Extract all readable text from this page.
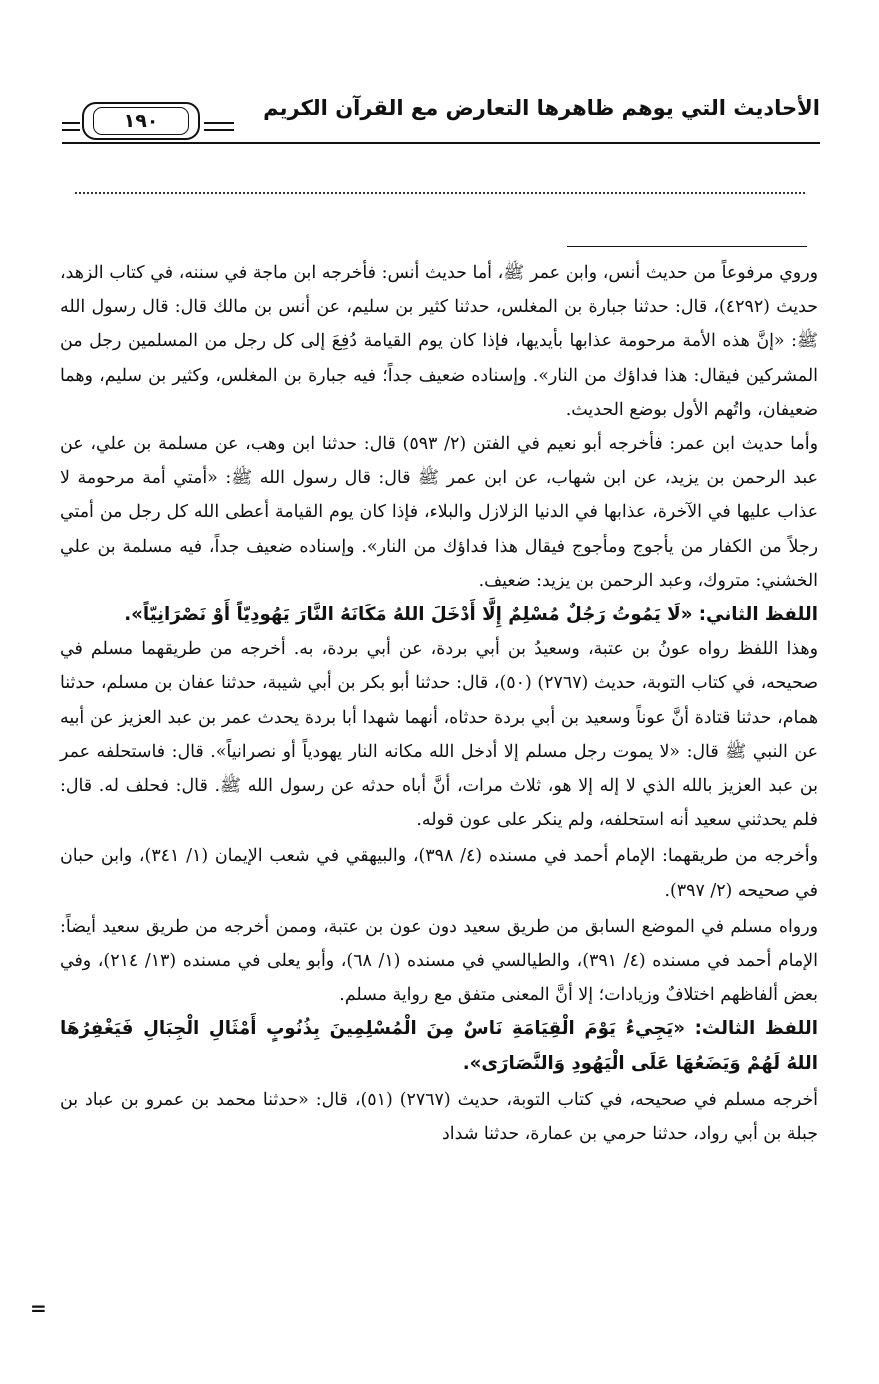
الأحاديث التي يوهم ظاهرها التعارض مع القرآن الكريم
١٩٠

وروي مرفوعاً من حديث أنس، وابن عمر ﷺ، أما حديث أنس: فأخرجه ابن ماجة في سننه، في كتاب الزهد، حديث (٤٢٩٢)، قال: حدثنا جبارة بن المغلس، حدثنا كثير بن سليم، عن أنس بن مالك قال: قال رسول الله ﷺ: «إنَّ هذه الأمة مرحومة عذابها بأيديها، فإذا كان يوم القيامة دُفِعَ إلى كل رجل من المسلمين رجل من المشركين فيقال: هذا فداؤك من النار». وإسناده ضعيف جداً؛ فيه جبارة بن المغلس، وكثير بن سليم، وهما ضعيفان، واتُهم الأول بوضع الحديث.

وأما حديث ابن عمر: فأخرجه أبو نعيم في الفتن (٢/ ٥٩٣) قال: حدثنا ابن وهب، عن مسلمة بن علي، عن عبد الرحمن بن يزيد، عن ابن شهاب، عن ابن عمر ﷺ قال: قال رسول الله ﷺ: «أمتي أمة مرحومة لا عذاب عليها في الآخرة، عذابها في الدنيا الزلازل والبلاء، فإذا كان يوم القيامة أعطى الله كل رجل من أمتي رجلاً من الكفار من يأجوج ومأجوج فيقال هذا فداؤك من النار». وإسناده ضعيف جداً، فيه مسلمة بن علي الخشني: متروك، وعبد الرحمن بن يزيد: ضعيف.

اللفظ الثاني: «لَا يَمُوتُ رَجُلٌ مُسْلِمٌ إِلَّا أَدْخَلَ اللهُ مَكَانَهُ النَّارَ يَهُودِيّاً أَوْ نَصْرَانِيّاً».

وهذا اللفظ رواه عونُ بن عتبة، وسعيدُ بن أبي بردة، عن أبي بردة، به. أخرجه من طريقهما مسلم في صحيحه، في كتاب التوبة، حديث (٢٧٦٧) (٥٠)، قال: حدثنا أبو بكر بن أبي شيبة، حدثنا عفان بن مسلم، حدثنا همام، حدثنا قتادة أنَّ عوناً وسعيد بن أبي بردة حدثاه، أنهما شهدا أبا بردة يحدث عمر بن عبد العزيز عن أبيه عن النبي ﷺ قال: «لا يموت رجل مسلم إلا أدخل الله مكانه النار يهودياً أو نصرانياً». قال: فاستحلفه عمر بن عبد العزيز بالله الذي لا إله إلا هو، ثلاث مرات، أنَّ أباه حدثه عن رسول الله ﷺ. قال: فحلف له. قال: فلم يحدثني سعيد أنه استحلفه، ولم ينكر على عون قوله.

وأخرجه من طريقهما: الإمام أحمد في مسنده (٤/ ٣٩٨)، والبيهقي في شعب الإيمان (١/ ٣٤١)، وابن حبان في صحيحه (٢/ ٣٩٧).

ورواه مسلم في الموضع السابق من طريق سعيد دون عون بن عتبة، وممن أخرجه من طريق سعيد أيضاً: الإمام أحمد في مسنده (٤/ ٣٩١)، والطيالسي في مسنده (١/ ٦٨)، وأبو يعلى في مسنده (١٣/ ٢١٤)، وفي بعض ألفاظهم اختلافٌ وزيادات؛ إلا أنَّ المعنى متفق مع رواية مسلم.

اللفظ الثالث: «يَجِيءُ يَوْمَ الْقِيَامَةِ نَاسٌ مِنَ الْمُسْلِمِينَ بِذُنُوبٍ أَمْثَالِ الْجِبَالِ فَيَغْفِرُهَا اللهُ لَهُمْ وَيَضَعُهَا عَلَى الْيَهُودِ وَالنَّصَارَى».

أخرجه مسلم في صحيحه، في كتاب التوبة، حديث (٢٧٦٧) (٥١)، قال: «حدثنا محمد بن عمرو بن عباد بن جبلة بن أبي رواد، حدثنا حرمي بن عمارة، حدثنا شداد

=
